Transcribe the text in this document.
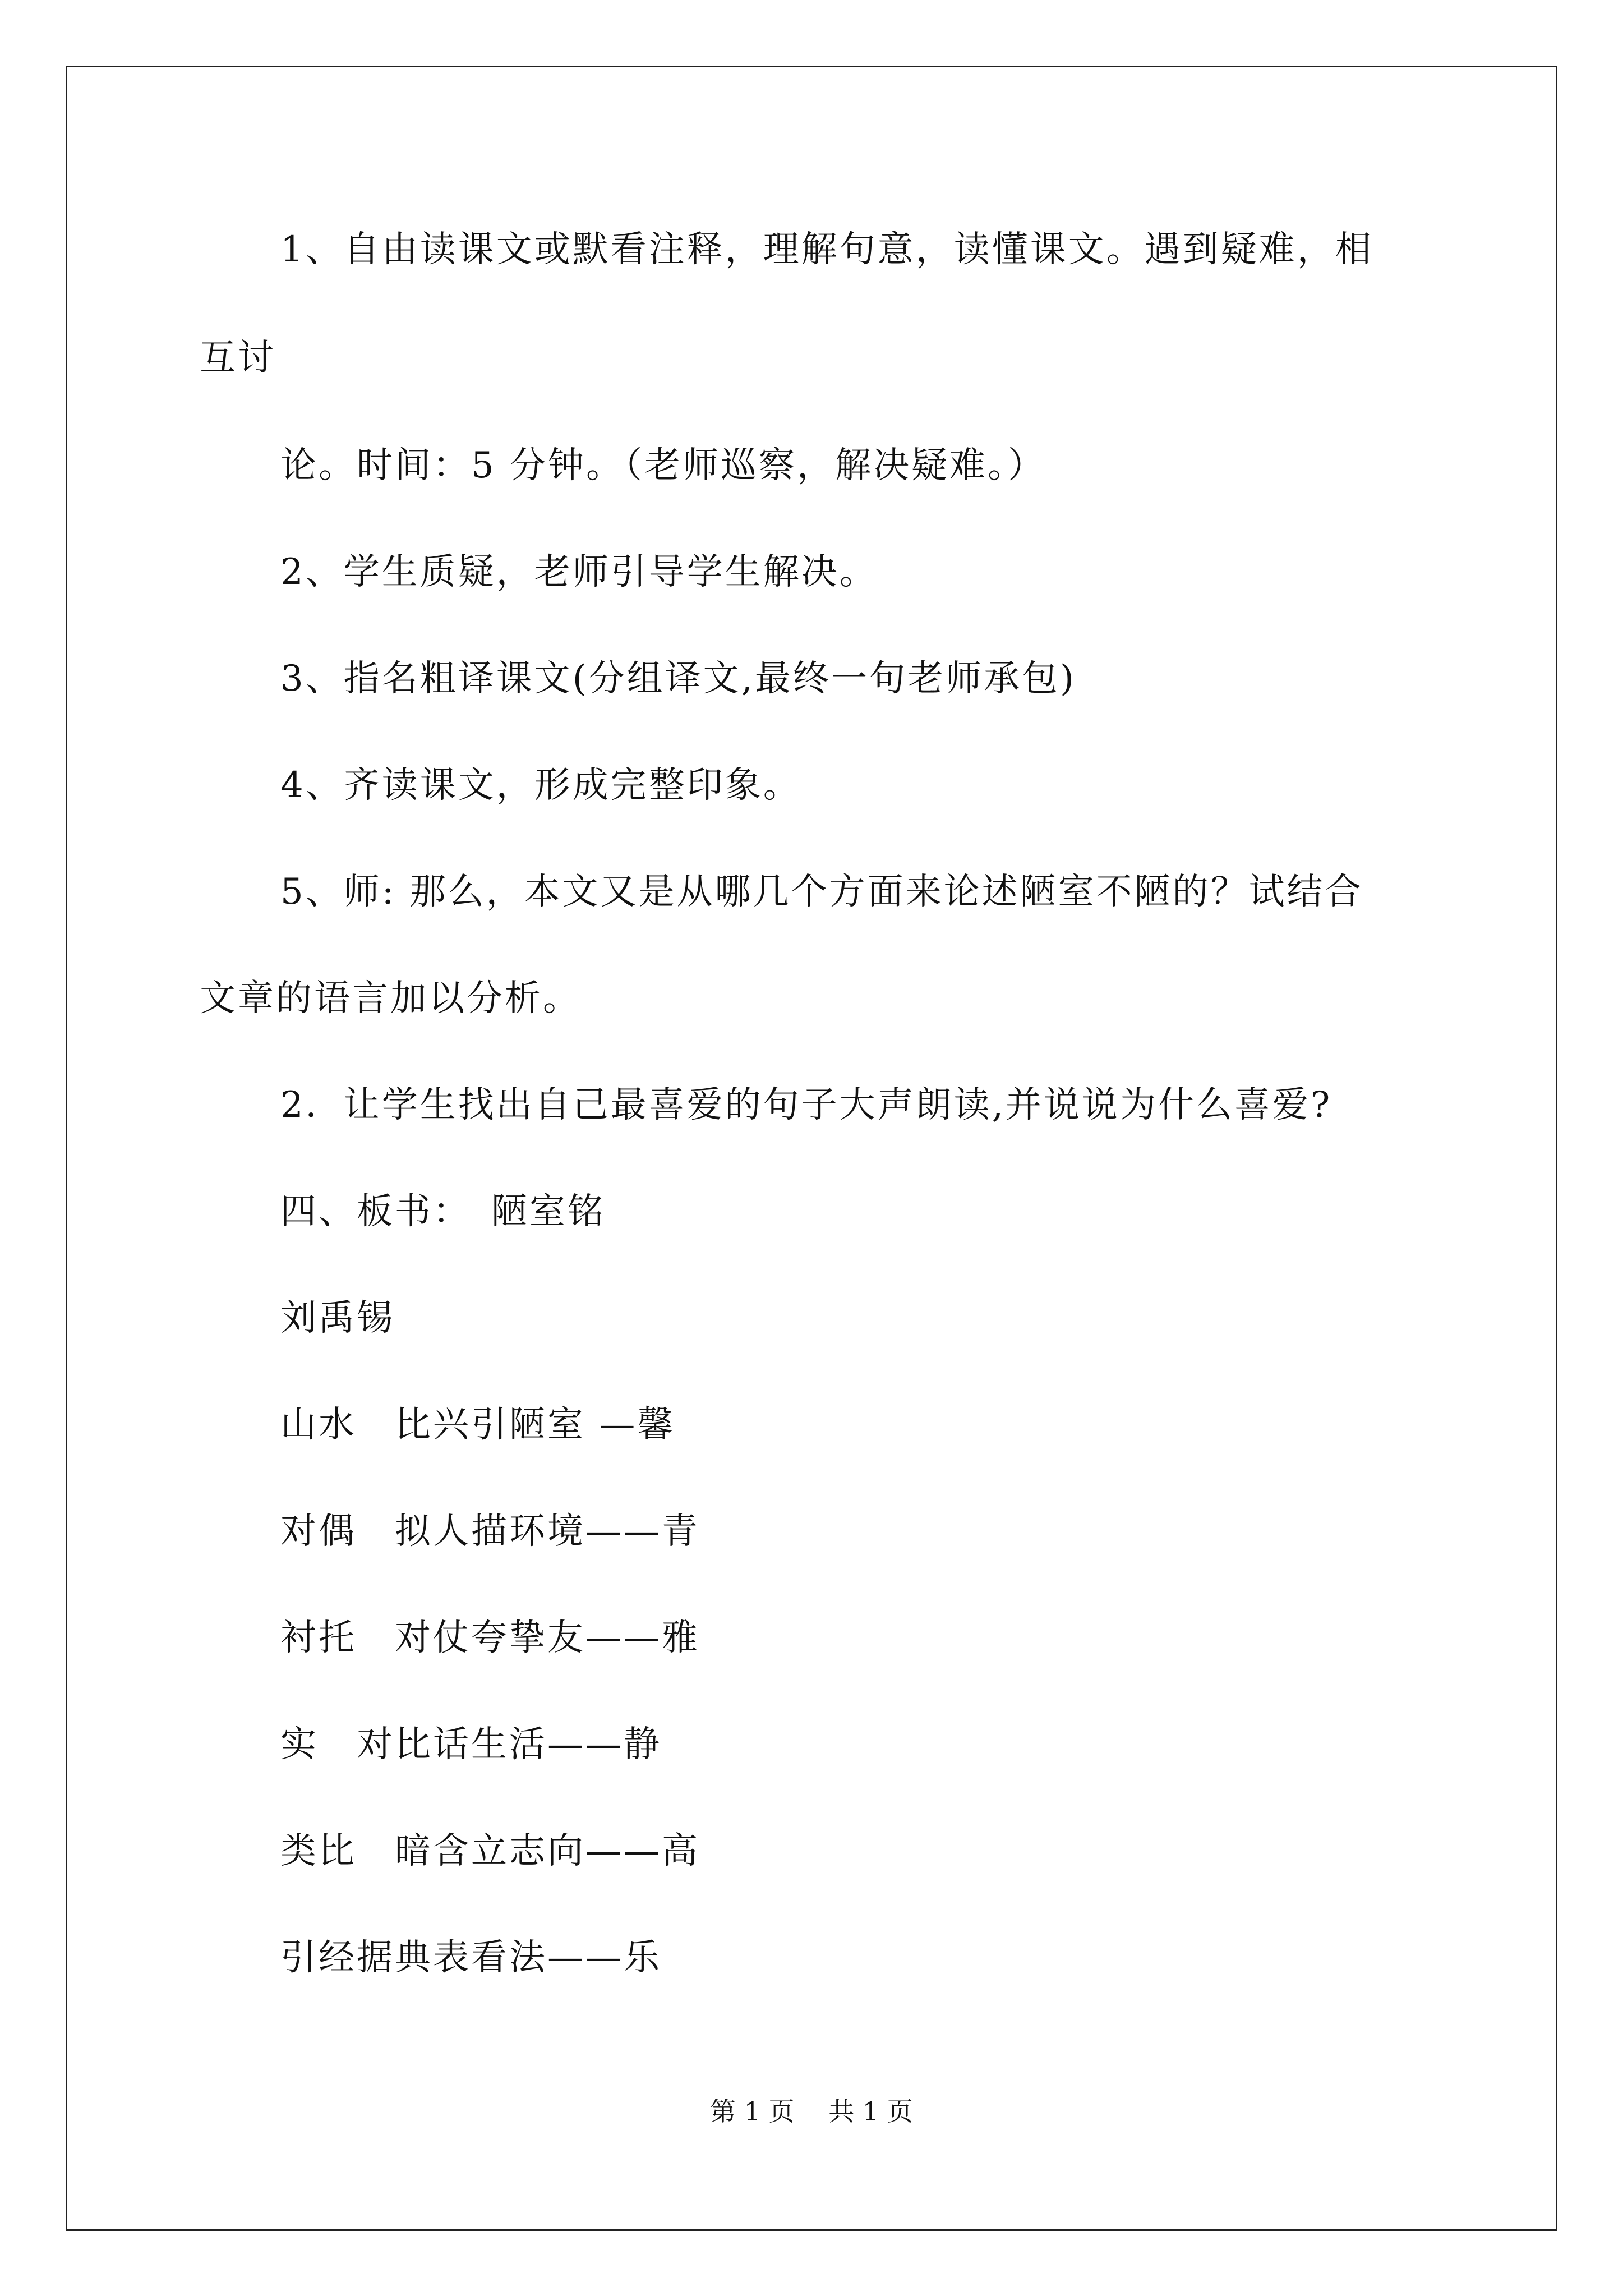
1、自由读课文或默看注释，理解句意，读懂课文。遇到疑难，相
互讨
论。时间：5 分钟。（老师巡察，解决疑难。）
2、学生质疑，老师引导学生解决。
3、指名粗译课文(分组译文,最终一句老师承包)
4、齐读课文，形成完整印象。
5、师: 那么，本文又是从哪几个方面来论述陋室不陋的？试结合
文章的语言加以分析。
2．让学生找出自己最喜爱的句子大声朗读,并说说为什么喜爱?
四、板书：　陋室铭
刘禹锡
山水　比兴引陋室 —馨
对偶　拟人描环境——青
衬托　对仗夸挚友——雅
实　对比话生活——静
类比　暗含立志向——高
引经据典表看法——乐
第 1 页　 共 1 页
